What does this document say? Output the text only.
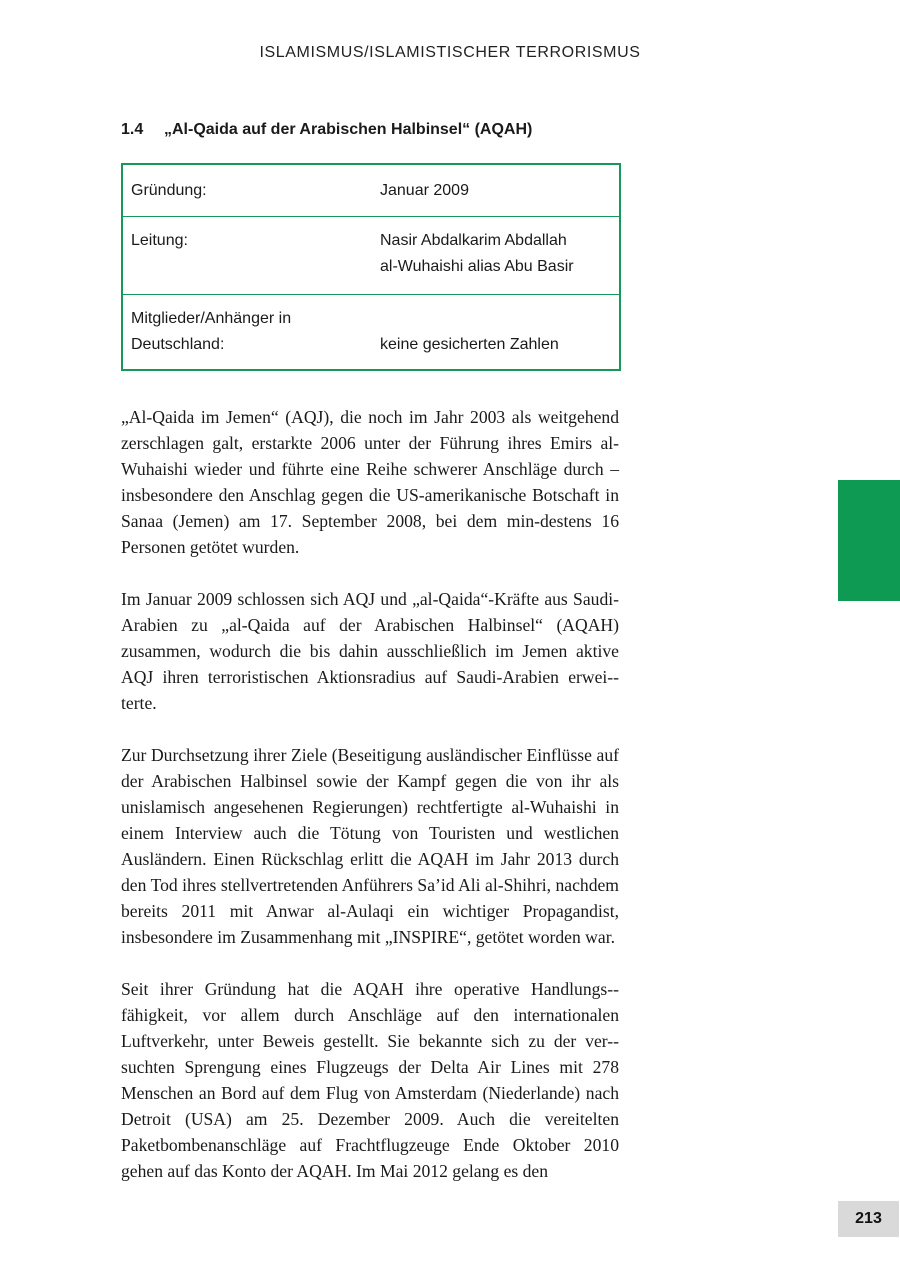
ISLAMISMUS/ISLAMISTISCHER TERRORISMUS
1.4 „Al-Qaida auf der Arabischen Halbinsel“ (AQAH)
Gründung:	Januar 2009
Leitung:	Nasir Abdalkarim Abdallah
al-Wuhaishi alias Abu Basir
Mitglieder/Anhänger in
Deutschland:	keine gesicherten Zahlen

„Al-Qaida im Jemen“ (AQJ), die noch im Jahr 2003 als weitgehend zerschlagen galt, erstarkte 2006 unter der Führung ihres Emirs al-Wuhaishi wieder und führte eine Reihe schwerer Anschläge durch – insbesondere den Anschlag gegen die US-amerikanische Botschaft in Sanaa (Jemen) am 17. September 2008, bei dem min-destens 16 Personen getötet wurden.

Im Januar 2009 schlossen sich AQJ und „al-Qaida“-Kräfte aus Saudi-Arabien zu „al-Qaida auf der Arabischen Halbinsel“ (AQAH) zusammen, wodurch die bis dahin ausschließlich im Jemen aktive AQJ ihren terroristischen Aktionsradius auf Saudi-Arabien erwei-terte.

Zur Durchsetzung ihrer Ziele (Beseitigung ausländischer Einflüsse auf der Arabischen Halbinsel sowie der Kampf gegen die von ihr als unislamisch angesehenen Regierungen) rechtfertigte al-Wuhaishi in einem Interview auch die Tötung von Touristen und westlichen Ausländern. Einen Rückschlag erlitt die AQAH im Jahr 2013 durch den Tod ihres stellvertretenden Anführers Sa’id Ali al-Shihri, nachdem bereits 2011 mit Anwar al-Aulaqi ein wichtiger Propagandist, insbesondere im Zusammenhang mit „INSPIRE“, getötet worden war.

Seit ihrer Gründung hat die AQAH ihre operative Handlungs-fähigkeit, vor allem durch Anschläge auf den internationalen Luftverkehr, unter Beweis gestellt. Sie bekannte sich zu der ver-suchten Sprengung eines Flugzeugs der Delta Air Lines mit 278 Menschen an Bord auf dem Flug von Amsterdam (Niederlande) nach Detroit (USA) am 25. Dezember 2009. Auch die vereitelten Paketbombenanschläge auf Frachtflugzeuge Ende Oktober 2010 gehen auf das Konto der AQAH. Im Mai 2012 gelang es den

213
